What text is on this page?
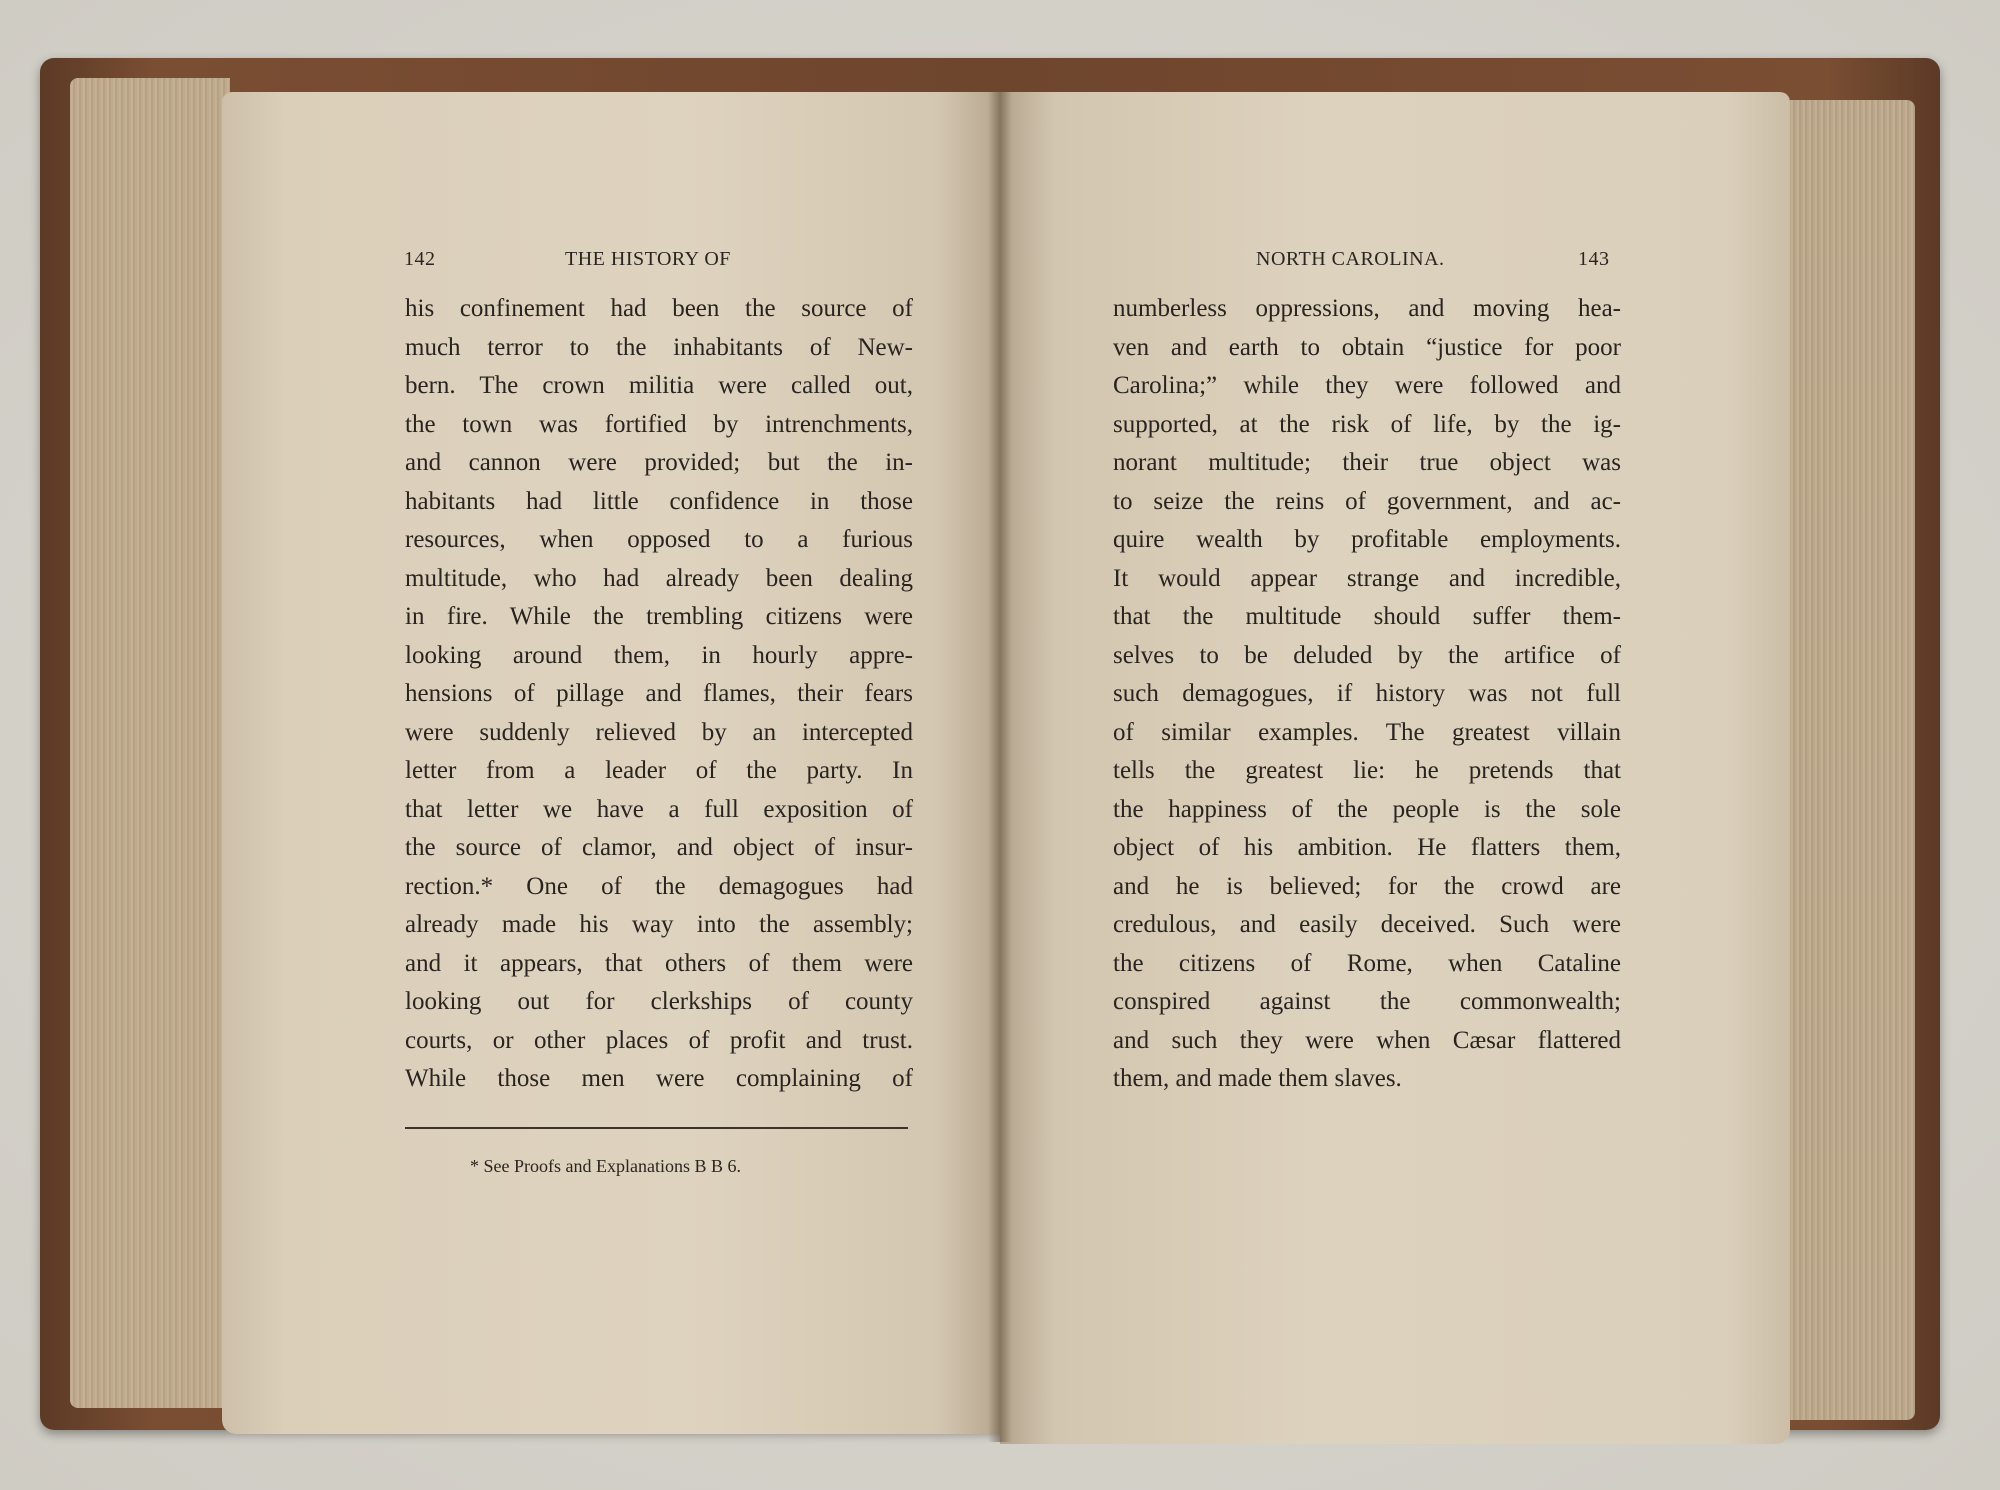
142	THE HISTORY OF	NORTH CAROLINA.	143
his confinement had been the source of
much terror to the inhabitants of New-
bern. The crown militia were called out,
the town was fortified by intrenchments,
and cannon were provided; but the in-
habitants had little confidence in those
resources, when opposed to a furious
multitude, who had already been dealing
in fire. While the trembling citizens were
looking around them, in hourly appre-
hensions of pillage and flames, their fears
were suddenly relieved by an intercepted
letter from a leader of the party. In
that letter we have a full exposition of
the source of clamor, and object of insur-
rection.* One of the demagogues had
already made his way into the assembly;
and it appears, that others of them were
looking out for clerkships of county
courts, or other places of profit and trust.
While those men were complaining of
* See Proofs and Explanations B B 6.
numberless oppressions, and moving hea-
ven and earth to obtain “justice for poor
Carolina;” while they were followed and
supported, at the risk of life, by the ig-
norant multitude; their true object was
to seize the reins of government, and ac-
quire wealth by profitable employments.
It would appear strange and incredible,
that the multitude should suffer them-
selves to be deluded by the artifice of
such demagogues, if history was not full
of similar examples. The greatest villain
tells the greatest lie: he pretends that
the happiness of the people is the sole
object of his ambition. He flatters them,
and he is believed; for the crowd are
credulous, and easily deceived. Such were
the citizens of Rome, when Cataline
conspired against the commonwealth;
and such they were when Cæsar flattered
them, and made them slaves.
